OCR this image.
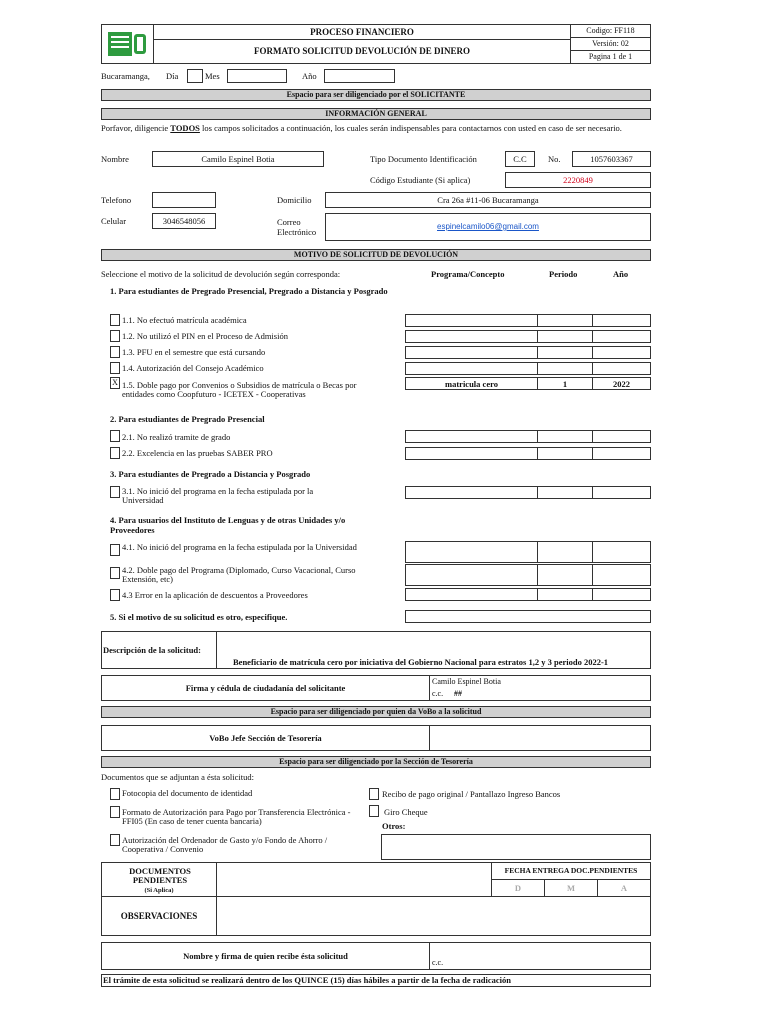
PROCESO FINANCIERO
FORMATO SOLICITUD DEVOLUCIÓN DE DINERO
Codigo: FF118
Versión: 02
Pagina 1 de 1
Bucaramanga, Día	Mes	Año
Espacio para ser diligenciado por el SOLICITANTE
INFORMACIÓN GENERAL
Porfavor, diligencie TODOS los campos solicitados a continuación, los cuales serán indispensables para contactarnos con usted en caso de ser necesario.
Nombre	Camilo Espinel Botia	Tipo Documento Identificación	C.C	No.	1057603367
Código Estudiante (Si aplica)	2220849
Telefono	Domicilio	Cra 26a #11-06 Bucaramanga
Celular	3046548056	Correo Electrónico
espinelcamilo06@gmail.com
MOTIVO DE SOLICITUD DE DEVOLUCIÓN
Seleccione el motivo de la solicitud de devolución según corresponda:	Programa/Concepto	Periodo	Año
1. Para estudiantes de Pregrado Presencial, Pregrado a Distancia y Posgrado
1.1. No efectuó matrícula académica
1.2. No utilizó el PIN en el Proceso de Admisión
1.3. PFU en el semestre que está cursando
1.4. Autorización del Consejo Académico
X 1.5. Doble pago por Convenios o Subsidios de matrícula o Becas por entidades como Coopfuturo - ICETEX - Cooperativas
matricula cero	1	2022
2. Para estudiantes de Pregrado Presencial
2.1. No realizó tramite de grado
2.2. Excelencia en las pruebas SABER PRO
3. Para estudiantes de Pregrado a Distancia y Posgrado
3.1. No inició del programa en la fecha estipulada por la Universidad
4. Para usuarios del Instituto de Lenguas y de otras Unidades y/o Proveedores
4.1. No inició del programa en la fecha estipulada por la Universidad
4.2. Doble pago del Programa (Diplomado, Curso Vacacional, Curso Extensión, etc)
4.3 Error en la aplicación de descuentos a Proveedores
5. Si el motivo de su solicitud es otro, especifique.
Descripción de la solicitud:
Beneficiario de matrícula cero por iniciativa del Gobierno Nacional para estratos 1,2 y 3 periodo 2022-1
Firma y cédula de ciudadanía del solicitante
Camilo Espinel Botia
c.c. ##
Espacio para ser diligenciado por quien da VoBo a la solicitud
VoBo Jefe Sección de Tesorería
Espacio para ser diligenciado por la Sección de Tesorería
Documentos que se adjuntan a ésta solicitud:
Fotocopia del documento de identidad	Recibo de pago original / Pantallazo Ingreso Bancos
Formato de Autorización para Pago por Transferencia Electrónica - FFI05 (En caso de tener cuenta bancaria)
Giro Cheque
Otros:
Autorización del Ordenador de Gasto y/o Fondo de Ahorro / Cooperativa / Convenio
DOCUMENTOS PENDIENTES
(Si Aplica)
FECHA ENTREGA DOC.PENDIENTES
D	M	A
OBSERVACIONES
Nombre y firma de quien recibe ésta solicitud
c.c.
El trámite de esta solicitud se realizará dentro de los QUINCE (15) días hábiles a partir de la fecha de radicación
